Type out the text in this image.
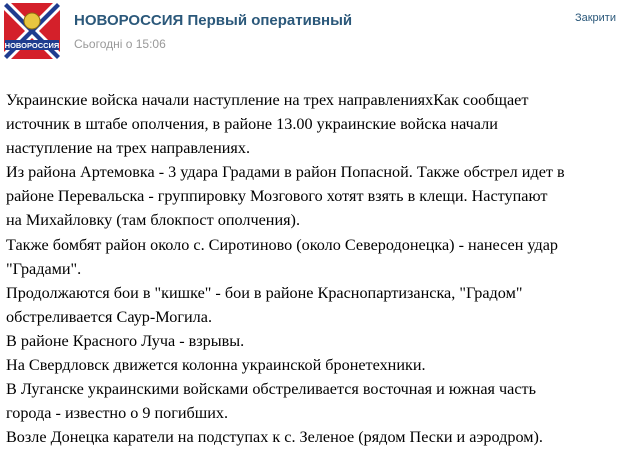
НОВОРОССИЯ
НОВОРОССИЯ Первый оперативный
Сьогодні о 15:06
Закрити

Украинские войска начали наступление на трех направленияхКак сообщает

источник в штабе ополчения, в районе 13.00 украинские войска начали

наступление на трех направлениях.

Из района Артемовка - 3 удара Градами в район Попасной. Также обстрел идет в

районе Перевальска - группировку Мозгового хотят взять в клещи. Наступают

на Михайловку (там блокпост ополчения).

Также бомбят район около с. Сиротиново (около Северодонецка) - нанесен удар

"Градами".

Продолжаются бои в "кишке" - бои в районе Краснопартизанска, "Градом"

обстреливается Саур-Могила.

В районе Красного Луча - взрывы.

На Свердловск движется колонна украинской бронетехники.

В Луганске украинскими войсками обстреливается восточная и южная часть

города - известно о 9 погибших.

Возле Донецка каратели на подступах к с. Зеленое (рядом Пески и аэродром).
